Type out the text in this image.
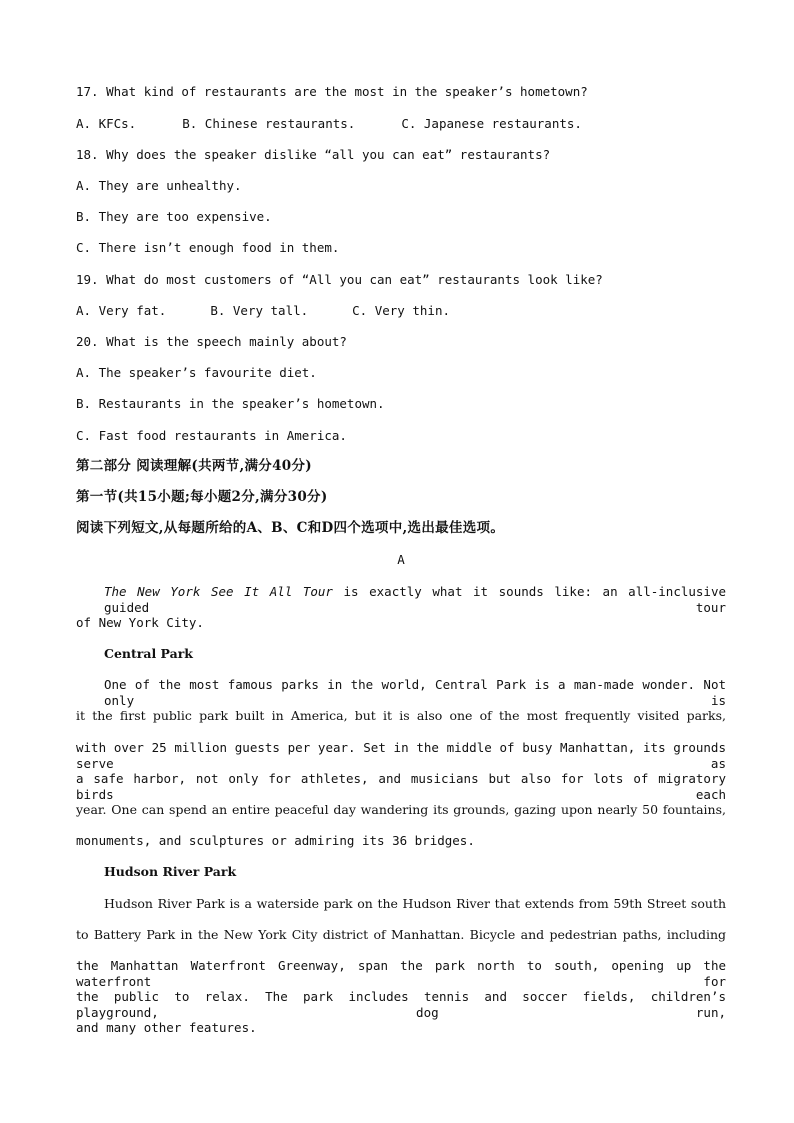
17. What kind of restaurants are the most in the speaker’s hometown?
A. KFCs.	B. Chinese restaurants.	C. Japanese restaurants.
18. Why does the speaker dislike “all you can eat” restaurants?
A. They are unhealthy.
B. They are too expensive.
C. There isn’t enough food in them.
19. What do most customers of “All you can eat” restaurants look like?
A. Very fat.	B. Very tall.	C. Very thin.
20. What is the speech mainly about?
A. The speaker’s favourite diet.
B. Restaurants in the speaker’s hometown.
C. Fast food restaurants in America.
第二部分 阅读理解(共两节,满分40分)
第一节(共15小题;每小题2分,满分30分)
阅读下列短文,从每题所给的A、B、C和D四个选项中,选出最佳选项。
A
The New York See It All Tour is exactly what it sounds like: an all-inclusive guided tour
of New York City.
Central Park
One of the most famous parks in the world, Central Park is a man-made wonder. Not only is
it the first public park built in America, but it is also one of the most frequently visited parks,
with over 25 million guests per year. Set in the middle of busy Manhattan, its grounds serve as
a safe harbor, not only for athletes, and musicians but also for lots of migratory birds each
year. One can spend an entire peaceful day wandering its grounds, gazing upon nearly 50 fountains,
monuments, and sculptures or admiring its 36 bridges.
Hudson River Park
Hudson River Park is a waterside park on the Hudson River that extends from 59th Street south
to Battery Park in the New York City district of Manhattan. Bicycle and pedestrian paths, including
the Manhattan Waterfront Greenway, span the park north to south, opening up the waterfront for
the public to relax. The park includes tennis and soccer fields, children’s playground, dog run,
and many other features.
